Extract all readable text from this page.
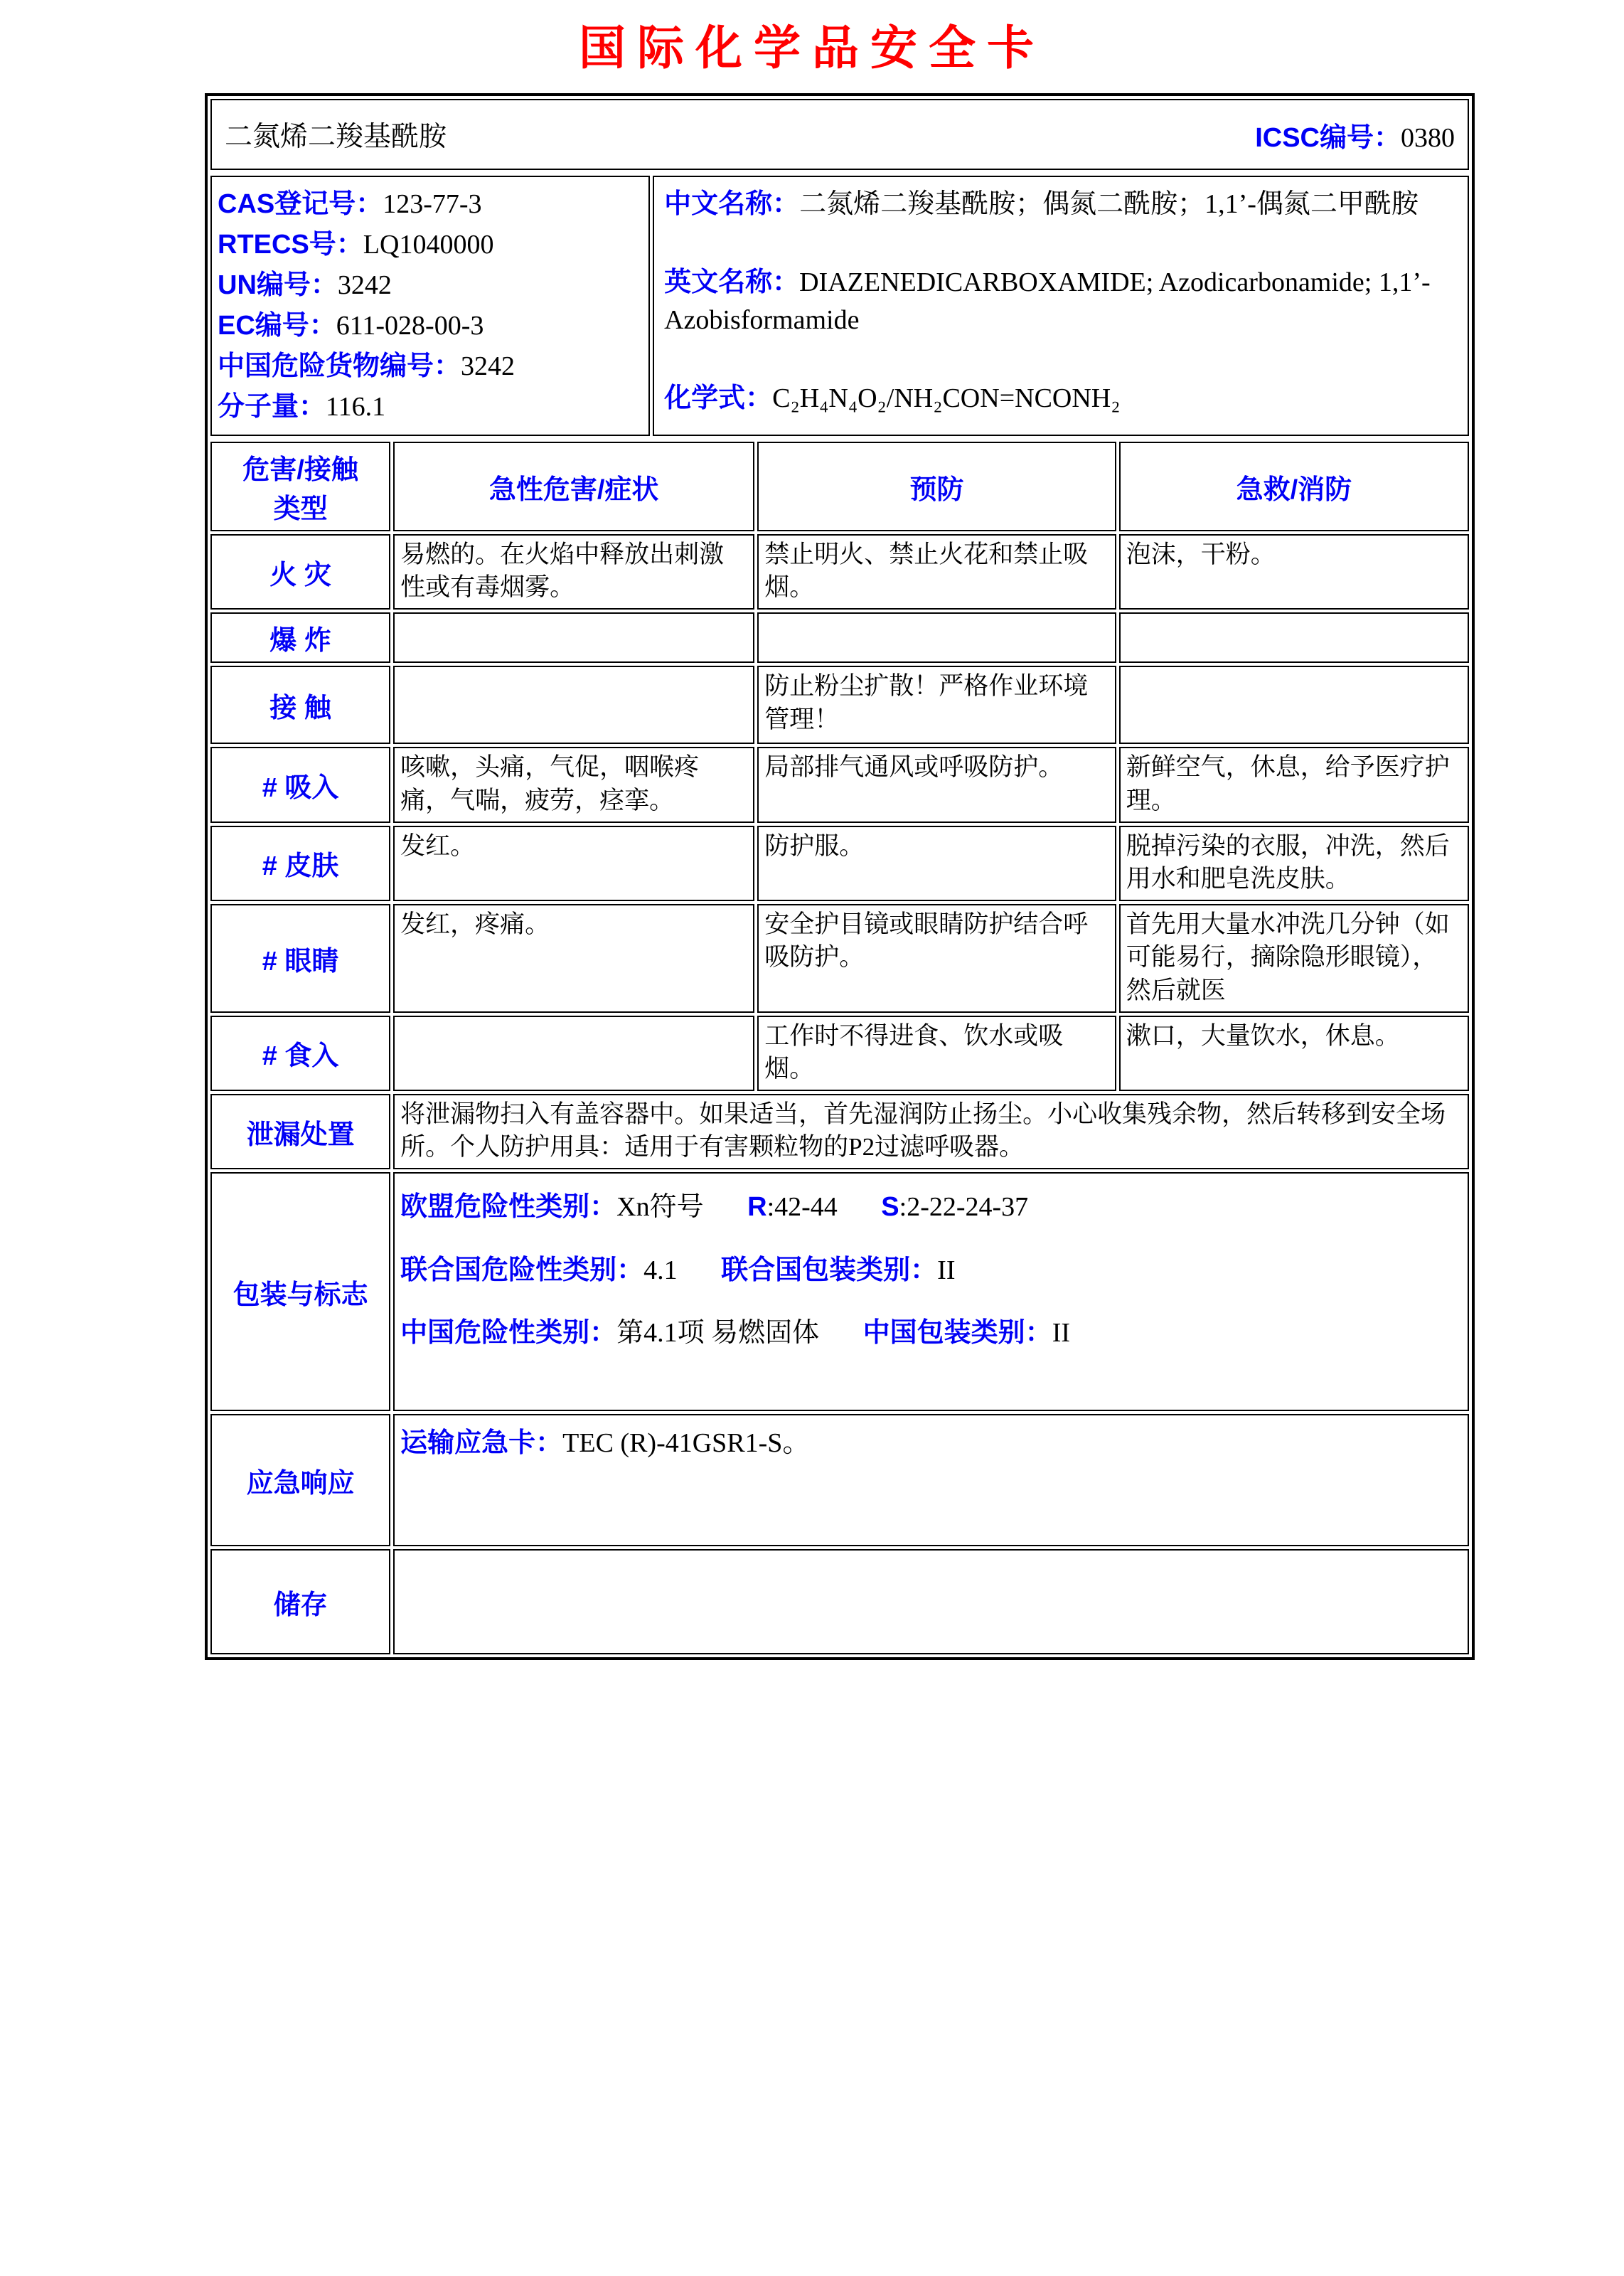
国际化学品安全卡
二氮烯二羧基酰胺	ICSC编号：0380
CAS登记号：123-77-3
RTECS号：LQ1040000
UN编号：3242
EC编号：611-028-00-3
中国危险货物编号：3242
分子量：116.1

中文名称：二氮烯二羧基酰胺；偶氮二酰胺；1,1’-偶氮二甲酰胺

英文名称：DIAZENEDICARBOXAMIDE; Azodicarbonamide; 1,1’-Azobisformamide

化学式：C₂H₄N₄O₂/NH₂CON=NCONH₂

危害/接触
类型	急性危害/症状	预防	急救/消防
火 灾	易燃的。在火焰中释放出刺激性或有毒烟雾。	禁止明火、禁止火花和禁止吸烟。	泡沫，干粉。
爆 炸			
接 触		防止粉尘扩散！严格作业环境管理！	
# 吸入	咳嗽，头痛，气促，咽喉疼痛，气喘，疲劳，痉挛。	局部排气通风或呼吸防护。	新鲜空气，休息，给予医疗护理。
# 皮肤	发红。	防护服。	脱掉污染的衣服，冲洗，然后用水和肥皂洗皮肤。
# 眼睛	发红，疼痛。	安全护目镜或眼睛防护结合呼吸防护。	首先用大量水冲洗几分钟（如可能易行，摘除隐形眼镜），然后就医
# 食入		工作时不得进食、饮水或吸烟。	漱口，大量饮水，休息。
泄漏处置	将泄漏物扫入有盖容器中。如果适当，首先湿润防止扬尘。小心收集残余物，然后转移到安全场所。个人防护用具：适用于有害颗粒物的P2过滤呼吸器。		
包装与标志	欧盟危险性类别：Xn符号 R:42-44 S:2-22-24-37
联合国危险性类别：4.1 联合国包装类别：II
中国危险性类别：第4.1项 易燃固体 中国包装类别：II		

应急响应	运输应急卡：TEC (R)-41GSR1-S。		
储存			
